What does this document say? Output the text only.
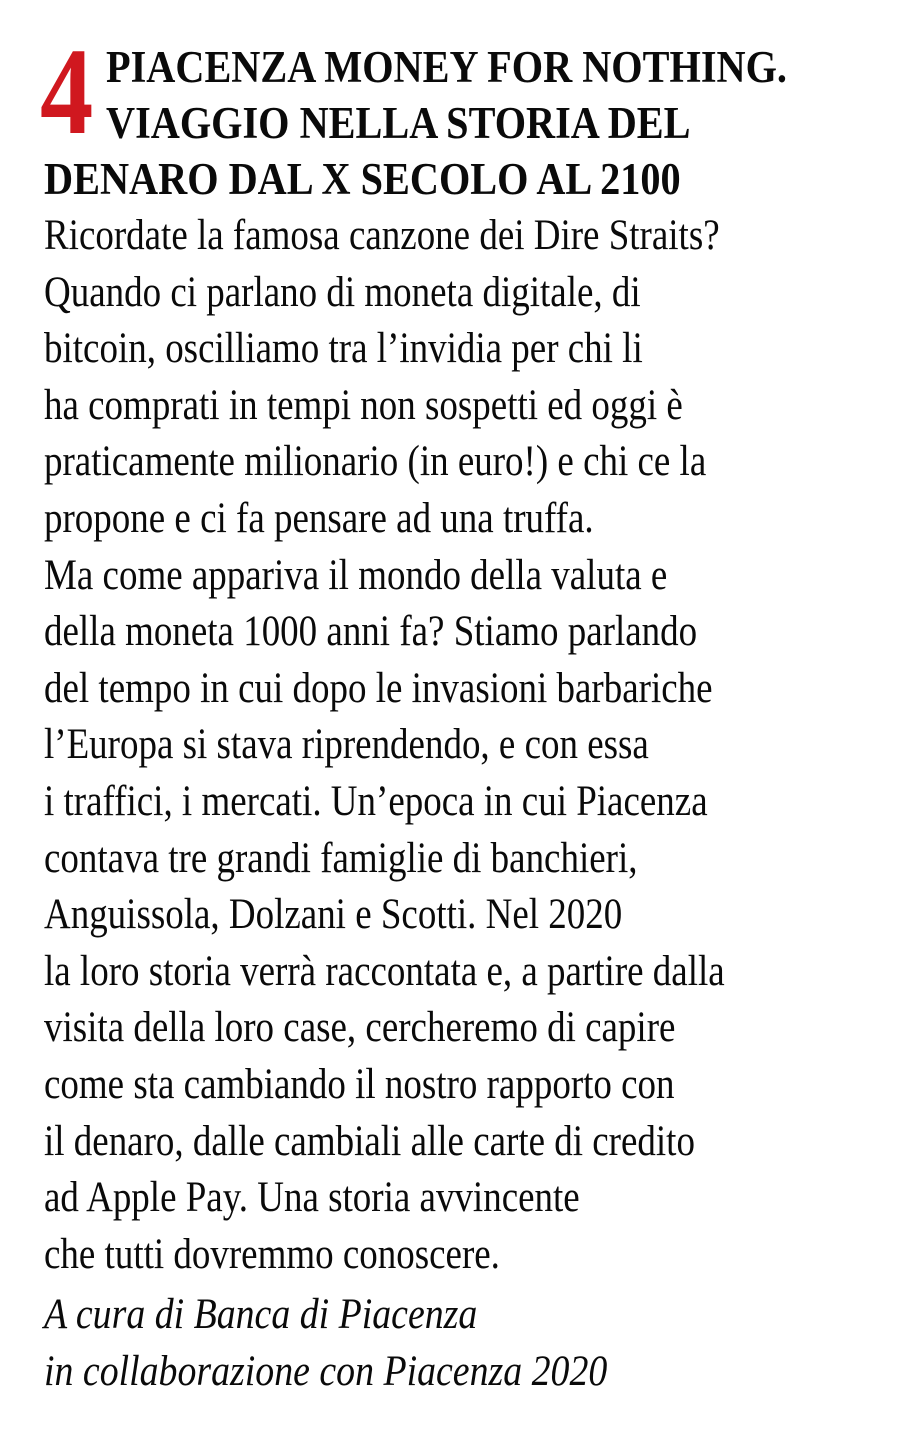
4 PIACENZA MONEY FOR NOTHING.
VIAGGIO NELLA STORIA DEL
DENARO DAL X SECOLO AL 2100
Ricordate la famosa canzone dei Dire Straits?
Quando ci parlano di moneta digitale, di
bitcoin, oscilliamo tra l’invidia per chi li
ha comprati in tempi non sospetti ed oggi è
praticamente milionario (in euro!) e chi ce la
propone e ci fa pensare ad una truffa.
Ma come appariva il mondo della valuta e
della moneta 1000 anni fa? Stiamo parlando
del tempo in cui dopo le invasioni barbariche
l’Europa si stava riprendendo, e con essa
i traffici, i mercati. Un’epoca in cui Piacenza
contava tre grandi famiglie di banchieri,
Anguissola, Dolzani e Scotti. Nel 2020
la loro storia verrà raccontata e, a partire dalla
visita della loro case, cercheremo di capire
come sta cambiando il nostro rapporto con
il denaro, dalle cambiali alle carte di credito
ad Apple Pay. Una storia avvincente
che tutti dovremmo conoscere.
A cura di Banca di Piacenza
in collaborazione con Piacenza 2020
